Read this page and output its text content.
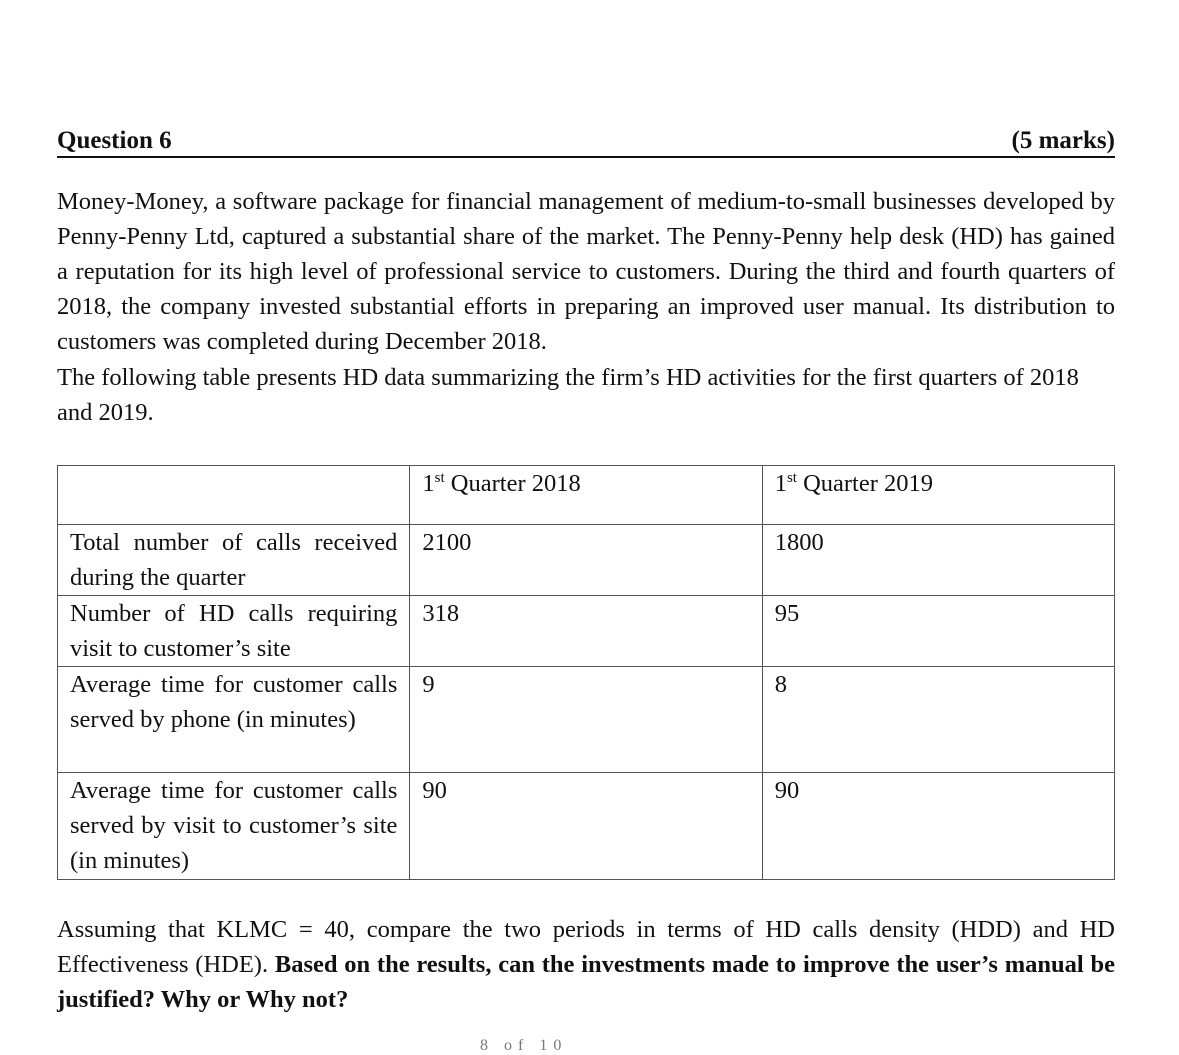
Question 6	(5 marks)
Money-Money, a software package for financial management of medium-to-small businesses developed by Penny-Penny Ltd, captured a substantial share of the market. The Penny-Penny help desk (HD) has gained a reputation for its high level of professional service to customers. During the third and fourth quarters of 2018, the company invested substantial efforts in preparing an improved user manual. Its distribution to customers was completed during December 2018.
The following table presents HD data summarizing the firm’s HD activities for the first quarters of 2018 and 2019.
	1st Quarter 2018	1st Quarter 2019
Total number of calls received during the quarter	2100	1800
Number of HD calls requiring visit to customer’s site	318	95
Average time for customer calls served by phone (in minutes)	9	8
Average time for customer calls served by visit to customer’s site (in minutes)	90	90
Assuming that KLMC = 40, compare the two periods in terms of HD calls density (HDD) and HD Effectiveness (HDE). Based on the results, can the investments made to improve the user’s manual be justified? Why or Why not?
8 of 10
